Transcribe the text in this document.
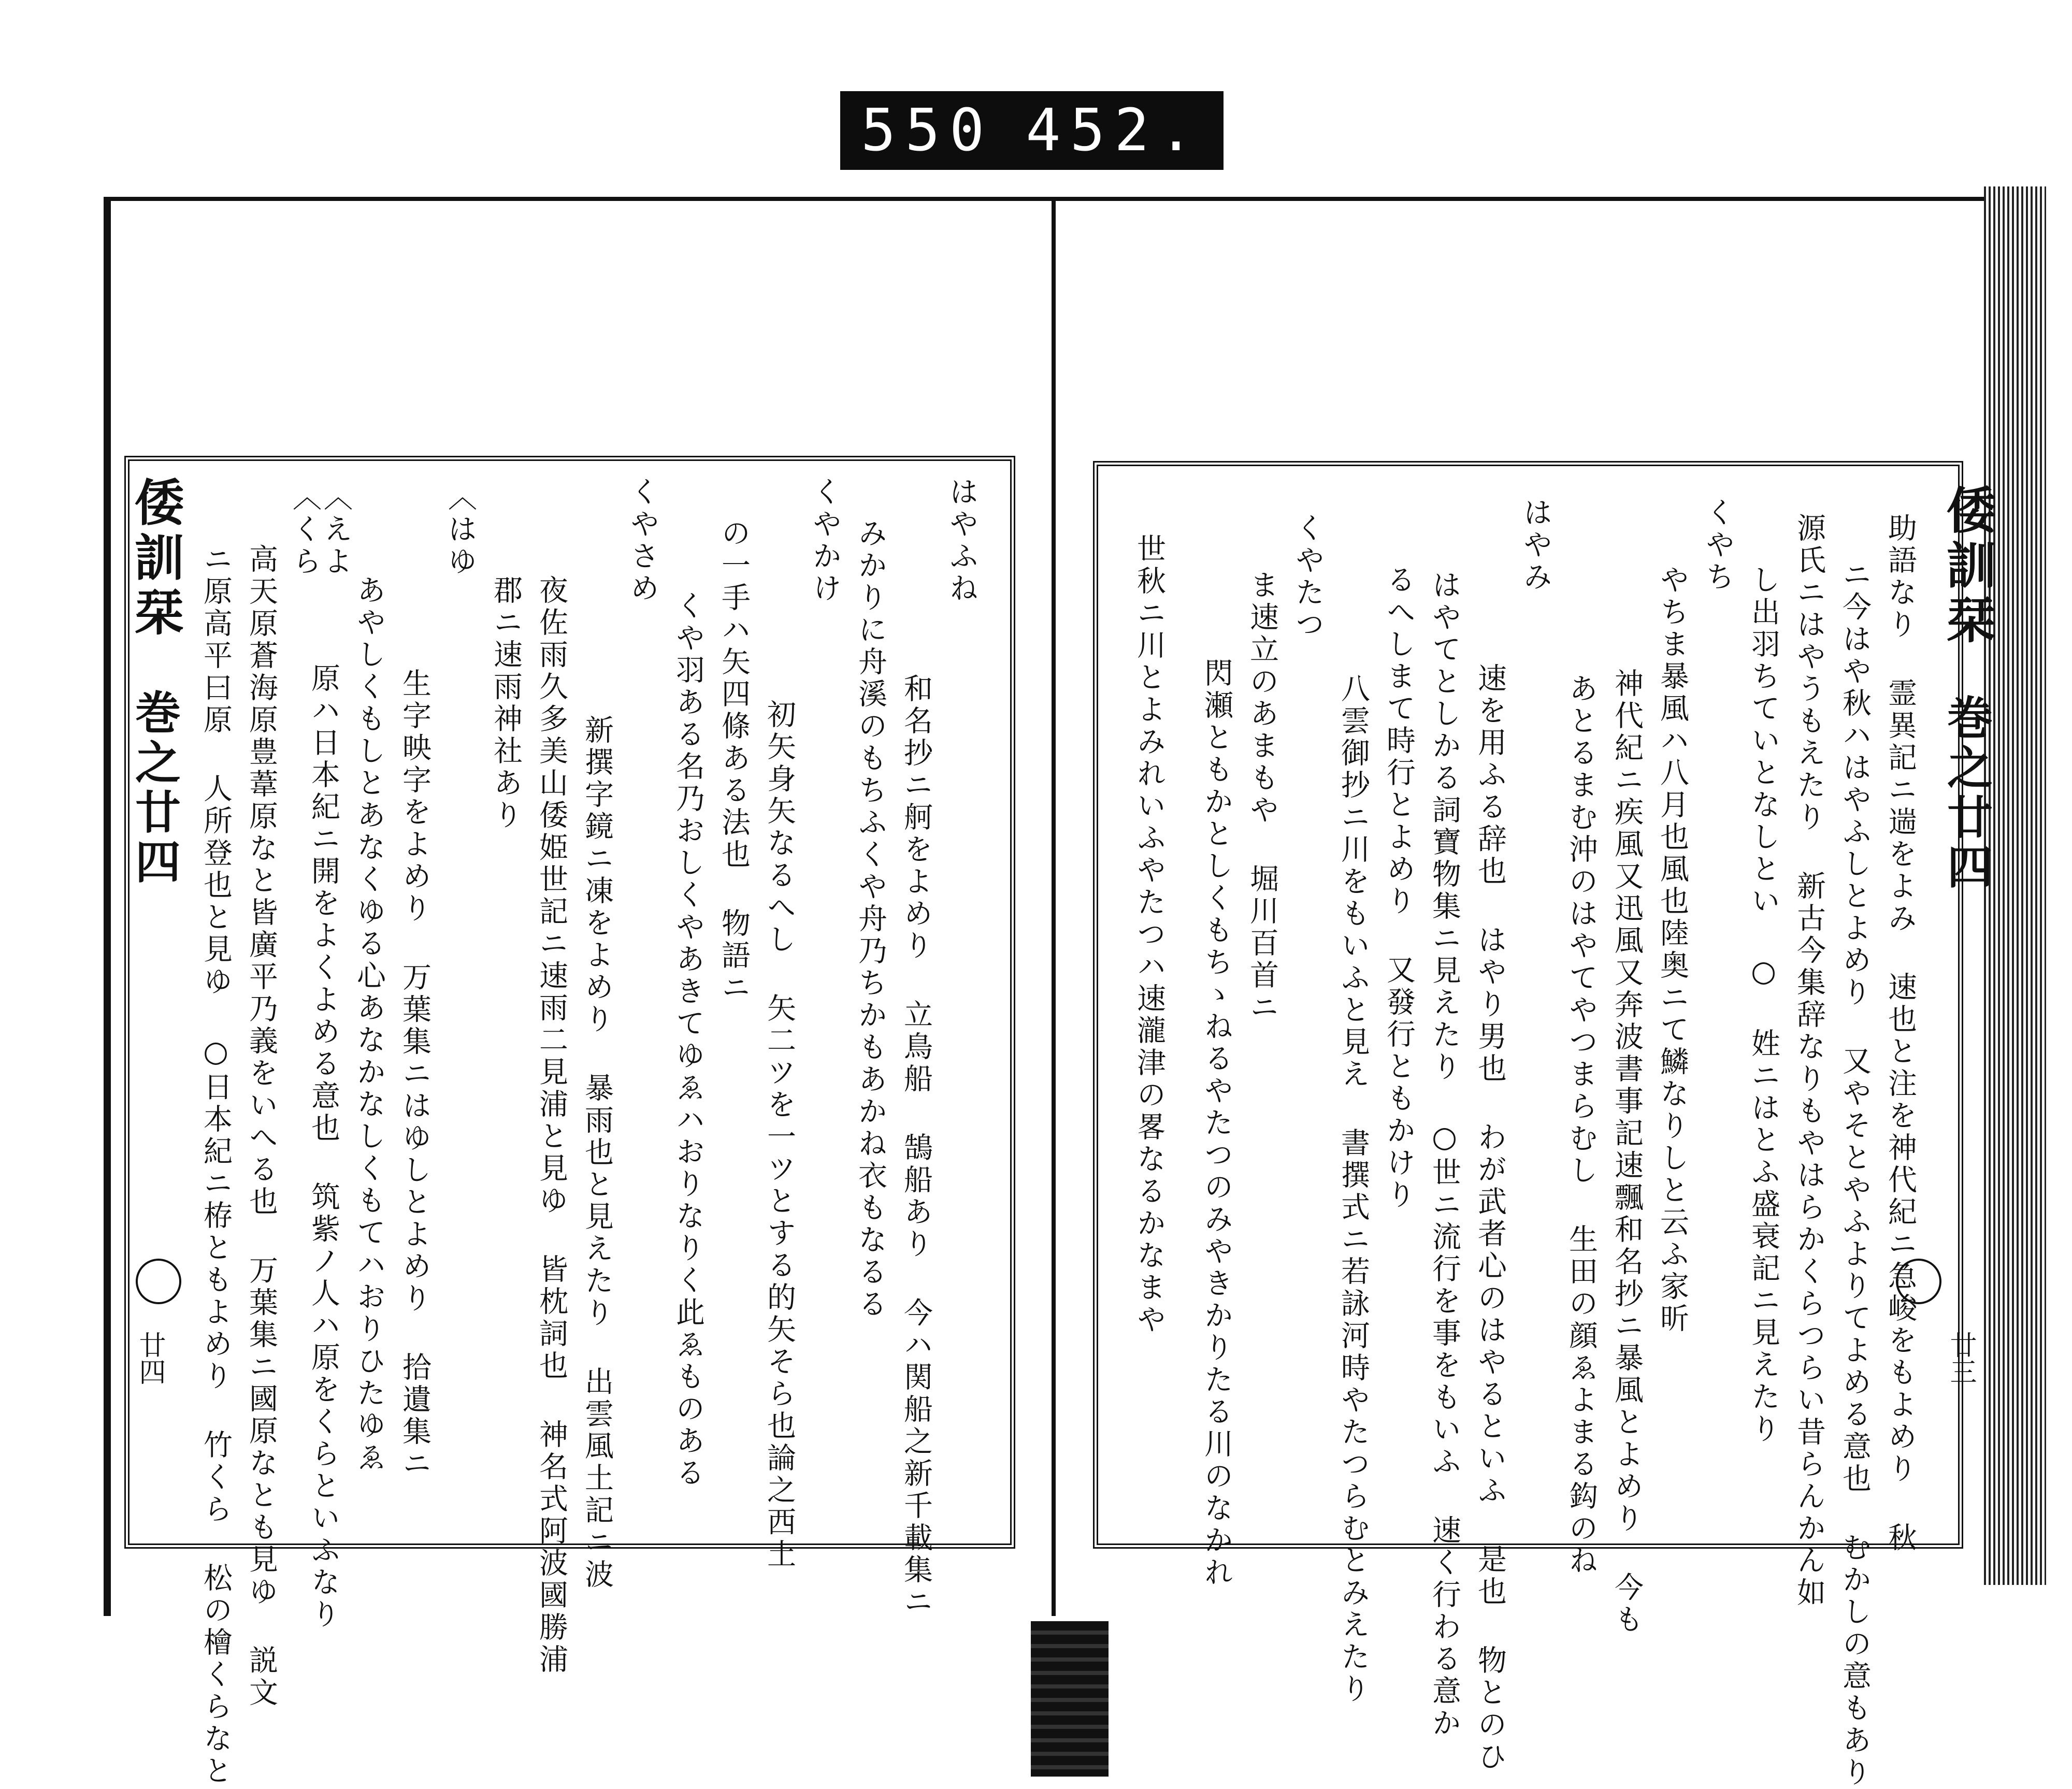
550 452.
倭訓栞
巻之廿四
廿四
倭訓栞
巻之廿四
廿三
はやふね
和名抄ニ舸をよめり 立鳥船 鵠船あり 今ハ関船之新千載集ニ
みかりに舟溪のもちふくや舟乃ちかもあかね衣もなるる
くやかけ
初矢身矢なるへし 矢二ツを一ツとする的矢そら也論之西土
の一手ハ矢四條ある法也 物語ニ
くや羽ある名乃おしくやあきてゆゑハおりなりく此ゑものある
くやさめ
新撰字鏡ニ凍をよめり 暴雨也と見えたり 出雲風土記ニ波
夜佐雨久多美山倭姫世記ニ速雨二見浦と見ゆ 皆枕詞也 神名式阿波國勝浦
郡ニ速雨神社あり
〈はゆ
生字映字をよめり 万葉集ニはゆしとよめり 拾遺集ニ
あやしくもしとあなくゆる心あなかなしくもてハおりひたゆゑ
〈えよ
〈くら
原ハ日本紀ニ開をよくよめる意也 筑紫ノ人ハ原をくらといふなり
高天原蒼海原豊葦原なと皆廣平乃義をいへる也 万葉集ニ國原なとも見ゆ 説文
ニ原高平曰原 人所登也と見ゆ ○日本紀ニ栫ともよめり 竹くら 松の檜くらなと	助語なり 霊異記ニ遄をよみ 速也と注を神代紀ニ急峻をもよめり 秋
ニ今はや秋ハはやふしとよめり 又やそとやふよりてよめる意也 むかしの意もあり
源氏ニはやうもえたり 新古今集辞なりもやはらかくらつらい昔らんかん如
し出羽ちていとなしとい ○ 姓ニはとふ盛衰記ニ見えたり
くやち
やちま暴風ハ八月也風也陸奥ニて鱗なりしと云ふ家昕
神代紀ニ疾風又迅風又奔波書事記速飄和名抄ニ暴風とよめり 今も
あとるまむ沖のはやてやつまらむし 生田の顔ゑよまる鈎のね
はやみ
速を用ふる辞也 はやり男也 わが武者心のはやるといふ 是也 物とのひ
はやてとしかる詞寶物集ニ見えたり ○世ニ流行を事をもいふ 速く行わる意か
るへしまて時行とよめり 又發行ともかけり
八雲御抄ニ川をもいふと見え 書撰式ニ若詠河時やたつらむとみえたり
くやたつ
ま速立のあまもや 堀川百首ニ
閃瀬ともかとしくもちゝねるやたつのみやきかりたる川のなかれ
世秋ニ川とよみれいふやたつハ速瀧津の畧なるかなまや
